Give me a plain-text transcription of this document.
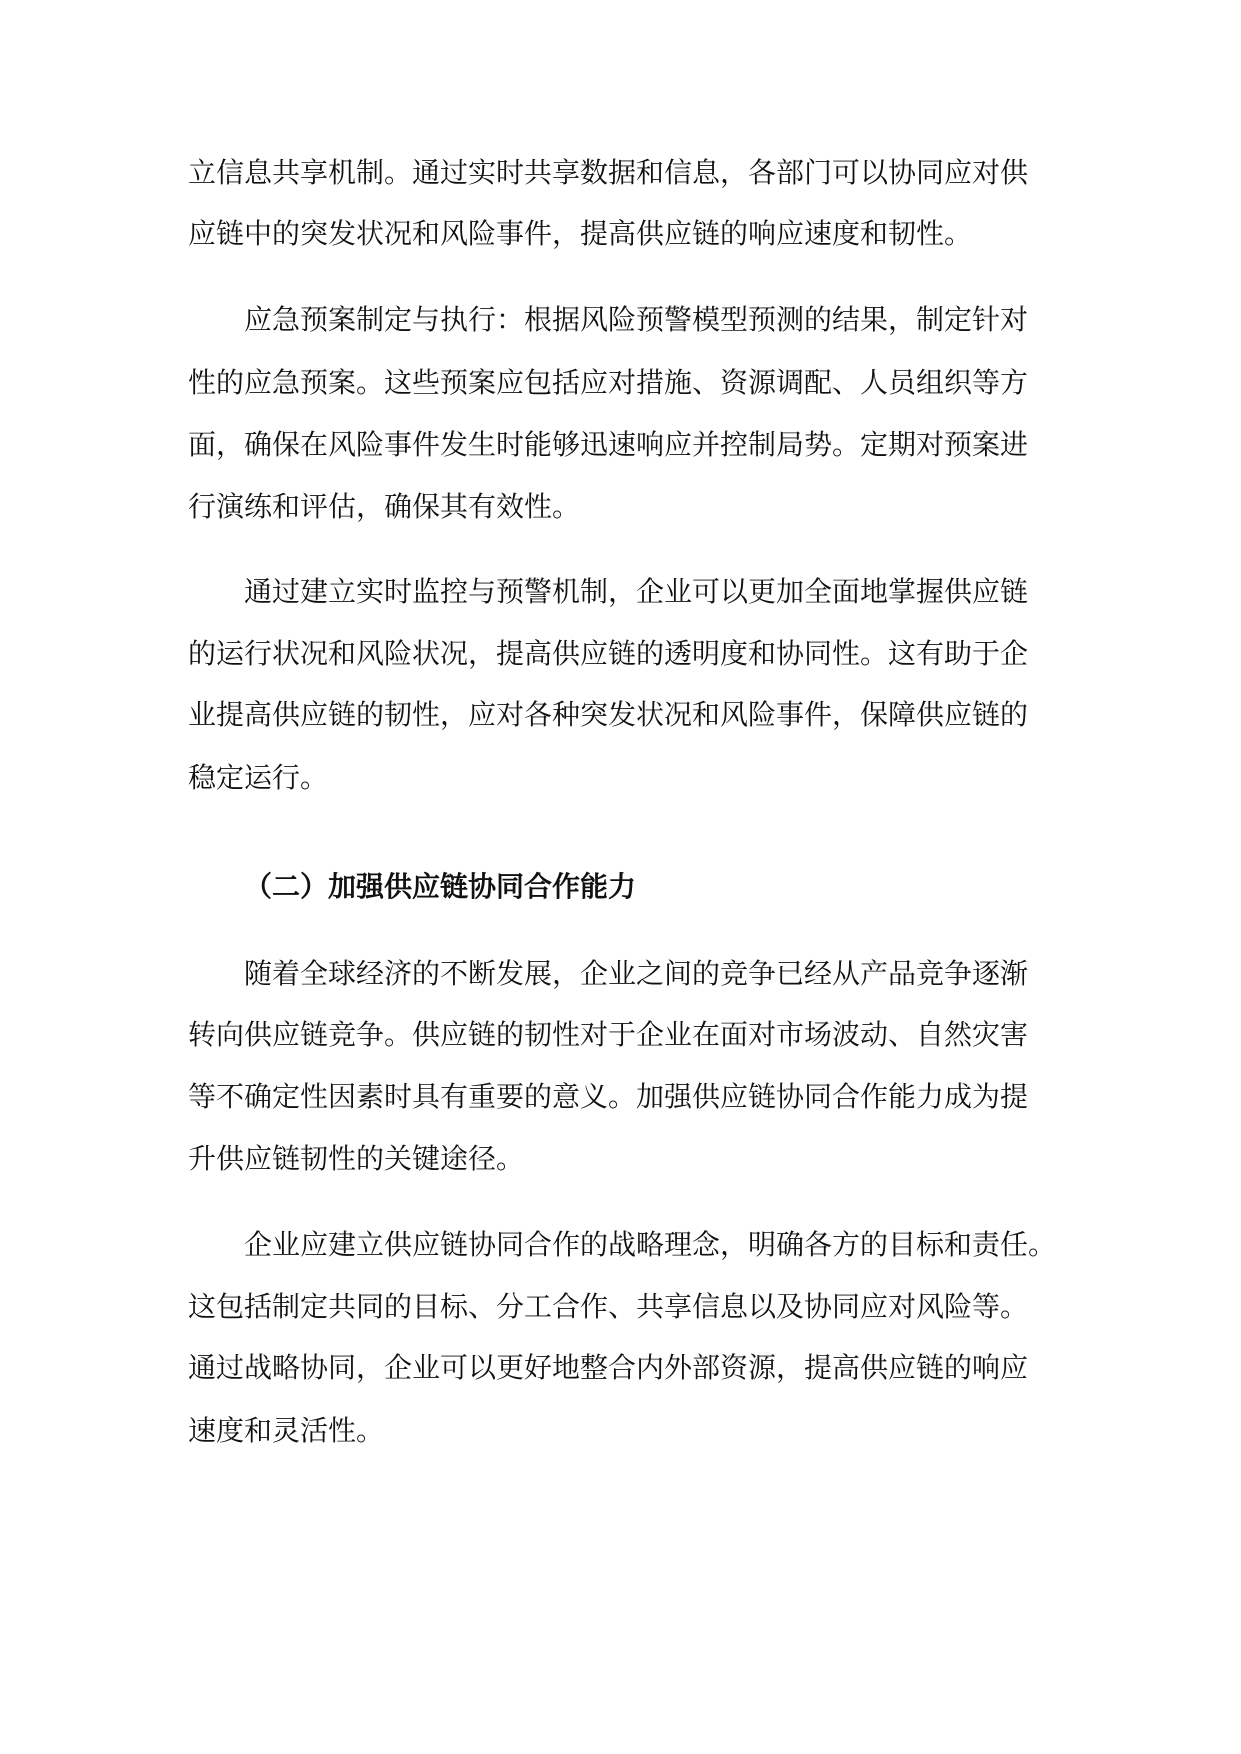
立信息共享机制。通过实时共享数据和信息，各部门可以协同应对供
应链中的突发状况和风险事件，提高供应链的响应速度和韧性。
应急预案制定与执行：根据风险预警模型预测的结果，制定针对
性的应急预案。这些预案应包括应对措施、资源调配、人员组织等方
面，确保在风险事件发生时能够迅速响应并控制局势。定期对预案进
行演练和评估，确保其有效性。
通过建立实时监控与预警机制，企业可以更加全面地掌握供应链
的运行状况和风险状况，提高供应链的透明度和协同性。这有助于企
业提高供应链的韧性，应对各种突发状况和风险事件，保障供应链的
稳定运行。
（二）加强供应链协同合作能力
随着全球经济的不断发展，企业之间的竞争已经从产品竞争逐渐
转向供应链竞争。供应链的韧性对于企业在面对市场波动、自然灾害
等不确定性因素时具有重要的意义。加强供应链协同合作能力成为提
升供应链韧性的关键途径。
企业应建立供应链协同合作的战略理念，明确各方的目标和责任。
这包括制定共同的目标、分工合作、共享信息以及协同应对风险等。
通过战略协同，企业可以更好地整合内外部资源，提高供应链的响应
速度和灵活性。
